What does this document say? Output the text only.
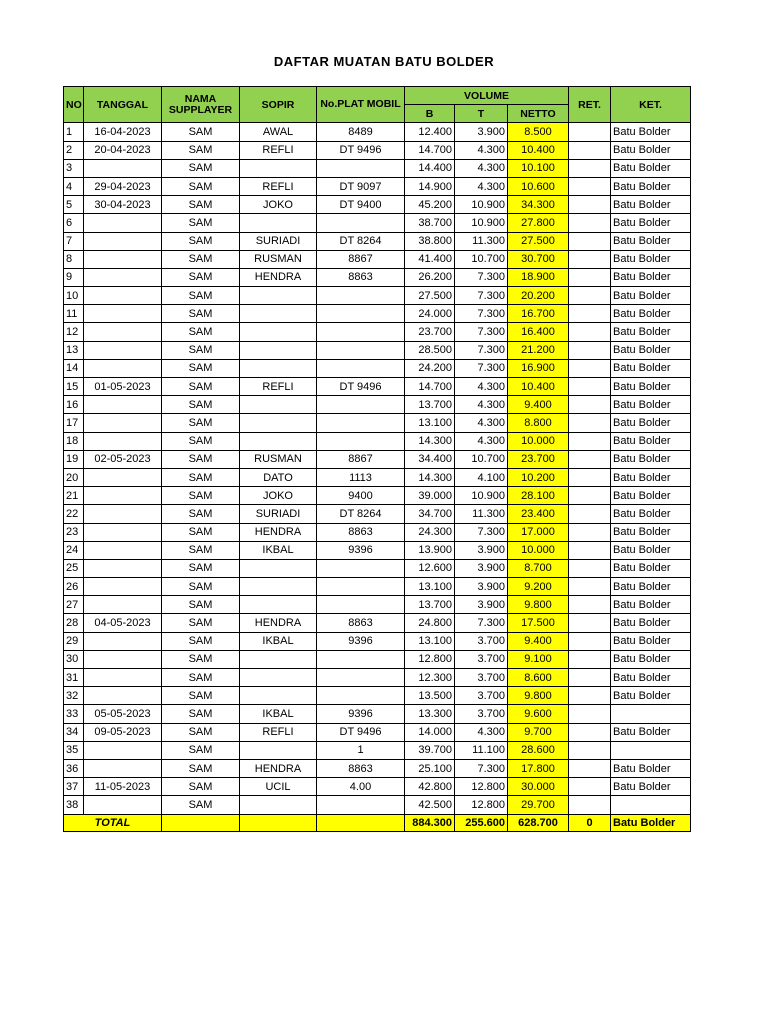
DAFTAR MUATAN BATU BOLDER
NO	TANGGAL	NAMA SUPPLAYER	SOPIR	No.PLAT MOBIL	VOLUME			RET.	KET.
					B	T	NETTO		
1	16-04-2023	SAM	AWAL	8489	12.400	3.900	8.500		Batu Bolder
2	20-04-2023	SAM	REFLI	DT 9496	14.700	4.300	10.400		Batu Bolder
3		SAM			14.400	4.300	10.100		Batu Bolder
4	29-04-2023	SAM	REFLI	DT 9097	14.900	4.300	10.600		Batu Bolder
5	30-04-2023	SAM	JOKO	DT 9400	45.200	10.900	34.300		Batu Bolder
6		SAM			38.700	10.900	27.800		Batu Bolder
7		SAM	SURIADI	DT 8264	38.800	11.300	27.500		Batu Bolder
8		SAM	RUSMAN	8867	41.400	10.700	30.700		Batu Bolder
9		SAM	HENDRA	8863	26.200	7.300	18.900		Batu Bolder
10		SAM			27.500	7.300	20.200		Batu Bolder
11		SAM			24.000	7.300	16.700		Batu Bolder
12		SAM			23.700	7.300	16.400		Batu Bolder
13		SAM			28.500	7.300	21.200		Batu Bolder
14		SAM			24.200	7.300	16.900		Batu Bolder
15	01-05-2023	SAM	REFLI	DT 9496	14.700	4.300	10.400		Batu Bolder
16		SAM			13.700	4.300	9.400		Batu Bolder
17		SAM			13.100	4.300	8.800		Batu Bolder
18		SAM			14.300	4.300	10.000		Batu Bolder
19	02-05-2023	SAM	RUSMAN	8867	34.400	10.700	23.700		Batu Bolder
20		SAM	DATO	1113	14.300	4.100	10.200		Batu Bolder
21		SAM	JOKO	9400	39.000	10.900	28.100		Batu Bolder
22		SAM	SURIADI	DT 8264	34.700	11.300	23.400		Batu Bolder
23		SAM	HENDRA	8863	24.300	7.300	17.000		Batu Bolder
24		SAM	IKBAL	9396	13.900	3.900	10.000		Batu Bolder
25		SAM			12.600	3.900	8.700		Batu Bolder
26		SAM			13.100	3.900	9.200		Batu Bolder
27		SAM			13.700	3.900	9.800		Batu Bolder
28	04-05-2023	SAM	HENDRA	8863	24.800	7.300	17.500		Batu Bolder
29		SAM	IKBAL	9396	13.100	3.700	9.400		Batu Bolder
30		SAM			12.800	3.700	9.100		Batu Bolder
31		SAM			12.300	3.700	8.600		Batu Bolder
32		SAM			13.500	3.700	9.800		Batu Bolder
33	05-05-2023	SAM	IKBAL	9396	13.300	3.700	9.600		
34	09-05-2023	SAM	REFLI	DT 9496	14.000	4.300	9.700		Batu Bolder
35		SAM		1	39.700	11.100	28.600		
36		SAM	HENDRA	8863	25.100	7.300	17.800		Batu Bolder
37	11-05-2023	SAM	UCIL	4.00	42.800	12.800	30.000		Batu Bolder
38		SAM			42.500	12.800	29.700		
TOTAL					884.300	255.600	628.700	0	Batu Bolder
